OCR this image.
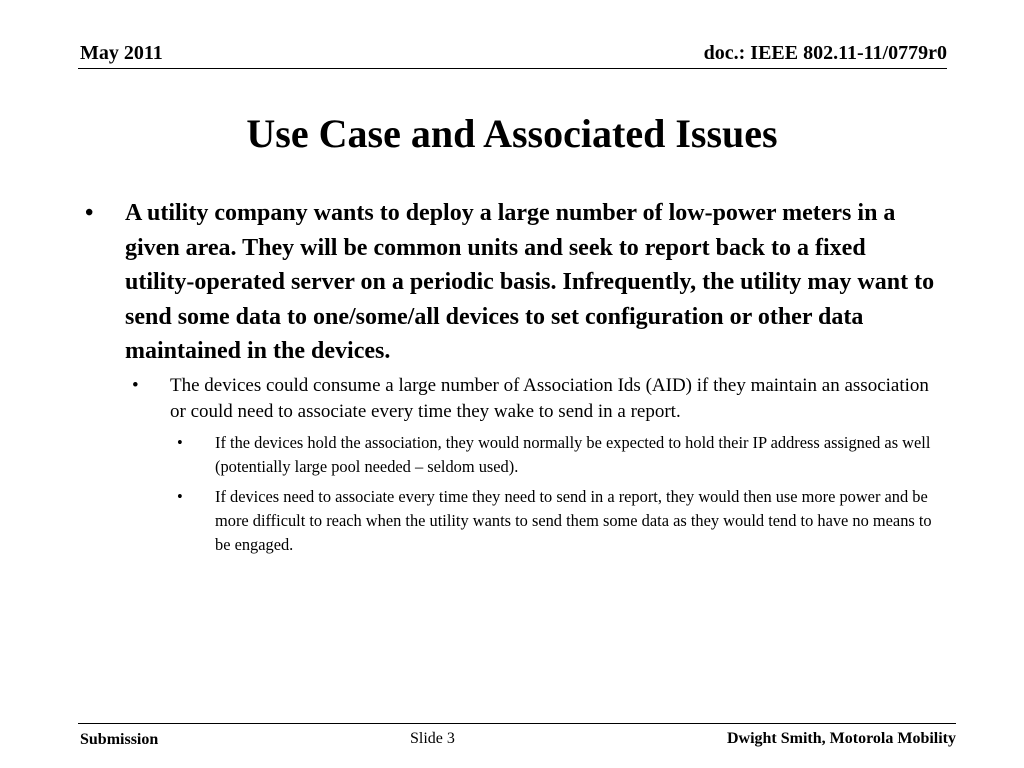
May 2011	doc.: IEEE 802.11-11/0779r0
Use Case and Associated Issues
• A utility company wants to deploy a large number of low-power meters in a given area. They will be common units and seek to report back to a fixed utility-operated server on a periodic basis. Infrequently, the utility may want to send some data to one/some/all devices to set configuration or other data maintained in the devices.
• The devices could consume a large number of Association Ids (AID) if they maintain an association or could need to associate every time they wake to send in a report.
• If the devices hold the association, they would normally be expected to hold their IP address assigned as well (potentially large pool needed – seldom used).
• If devices need to associate every time they need to send in a report, they would then use more power and be more difficult to reach when the utility wants to send them some data as they would tend to have no means to be engaged.
Submission	Slide 3	Dwight Smith, Motorola Mobility
